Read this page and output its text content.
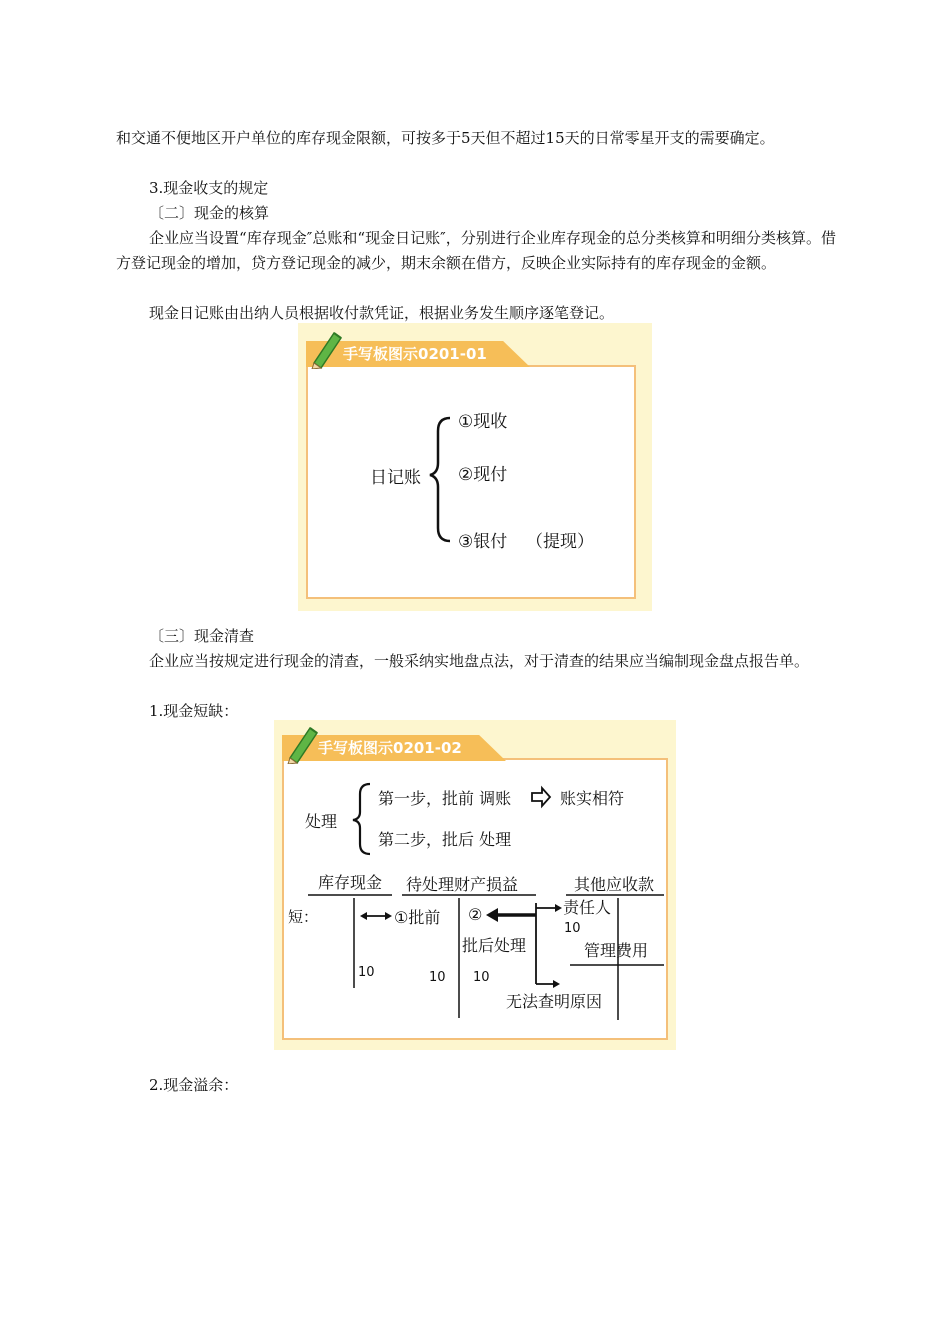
和交通不便地区开户单位的库存现金限额，可按多于5天但不超过15天的日常零星开支的需要确定。

3.现金收支的规定

〔二〕现金的核算

企业应当设置“库存现金″总账和“现金日记账″，分别进行企业库存现金的总分类核算和明细分类核算。借方登记现金的增加，贷方登记现金的减少，期末余额在借方，反映企业实际持有的库存现金的金额。

现金日记账由出纳人员根据收付款凭证，根据业务发生顺序逐笔登记。

手写板图示0201-01
日记账
①现收
②现付
③银付 （提现）

〔三〕现金清查

企业应当按规定进行现金的清查，一般采纳实地盘点法，对于清查的结果应当编制现金盘点报告单。

1.现金短缺：

手写板图示0201-02
处理
第一步，批前 调账	账实相符
第二步，批后 处理
库存现金 待处理财产损益	其他应收款
短：	①批前 ②
批后处理
责任人
10
管理费用
10	10 10
无法查明原因

2.现金溢余：
